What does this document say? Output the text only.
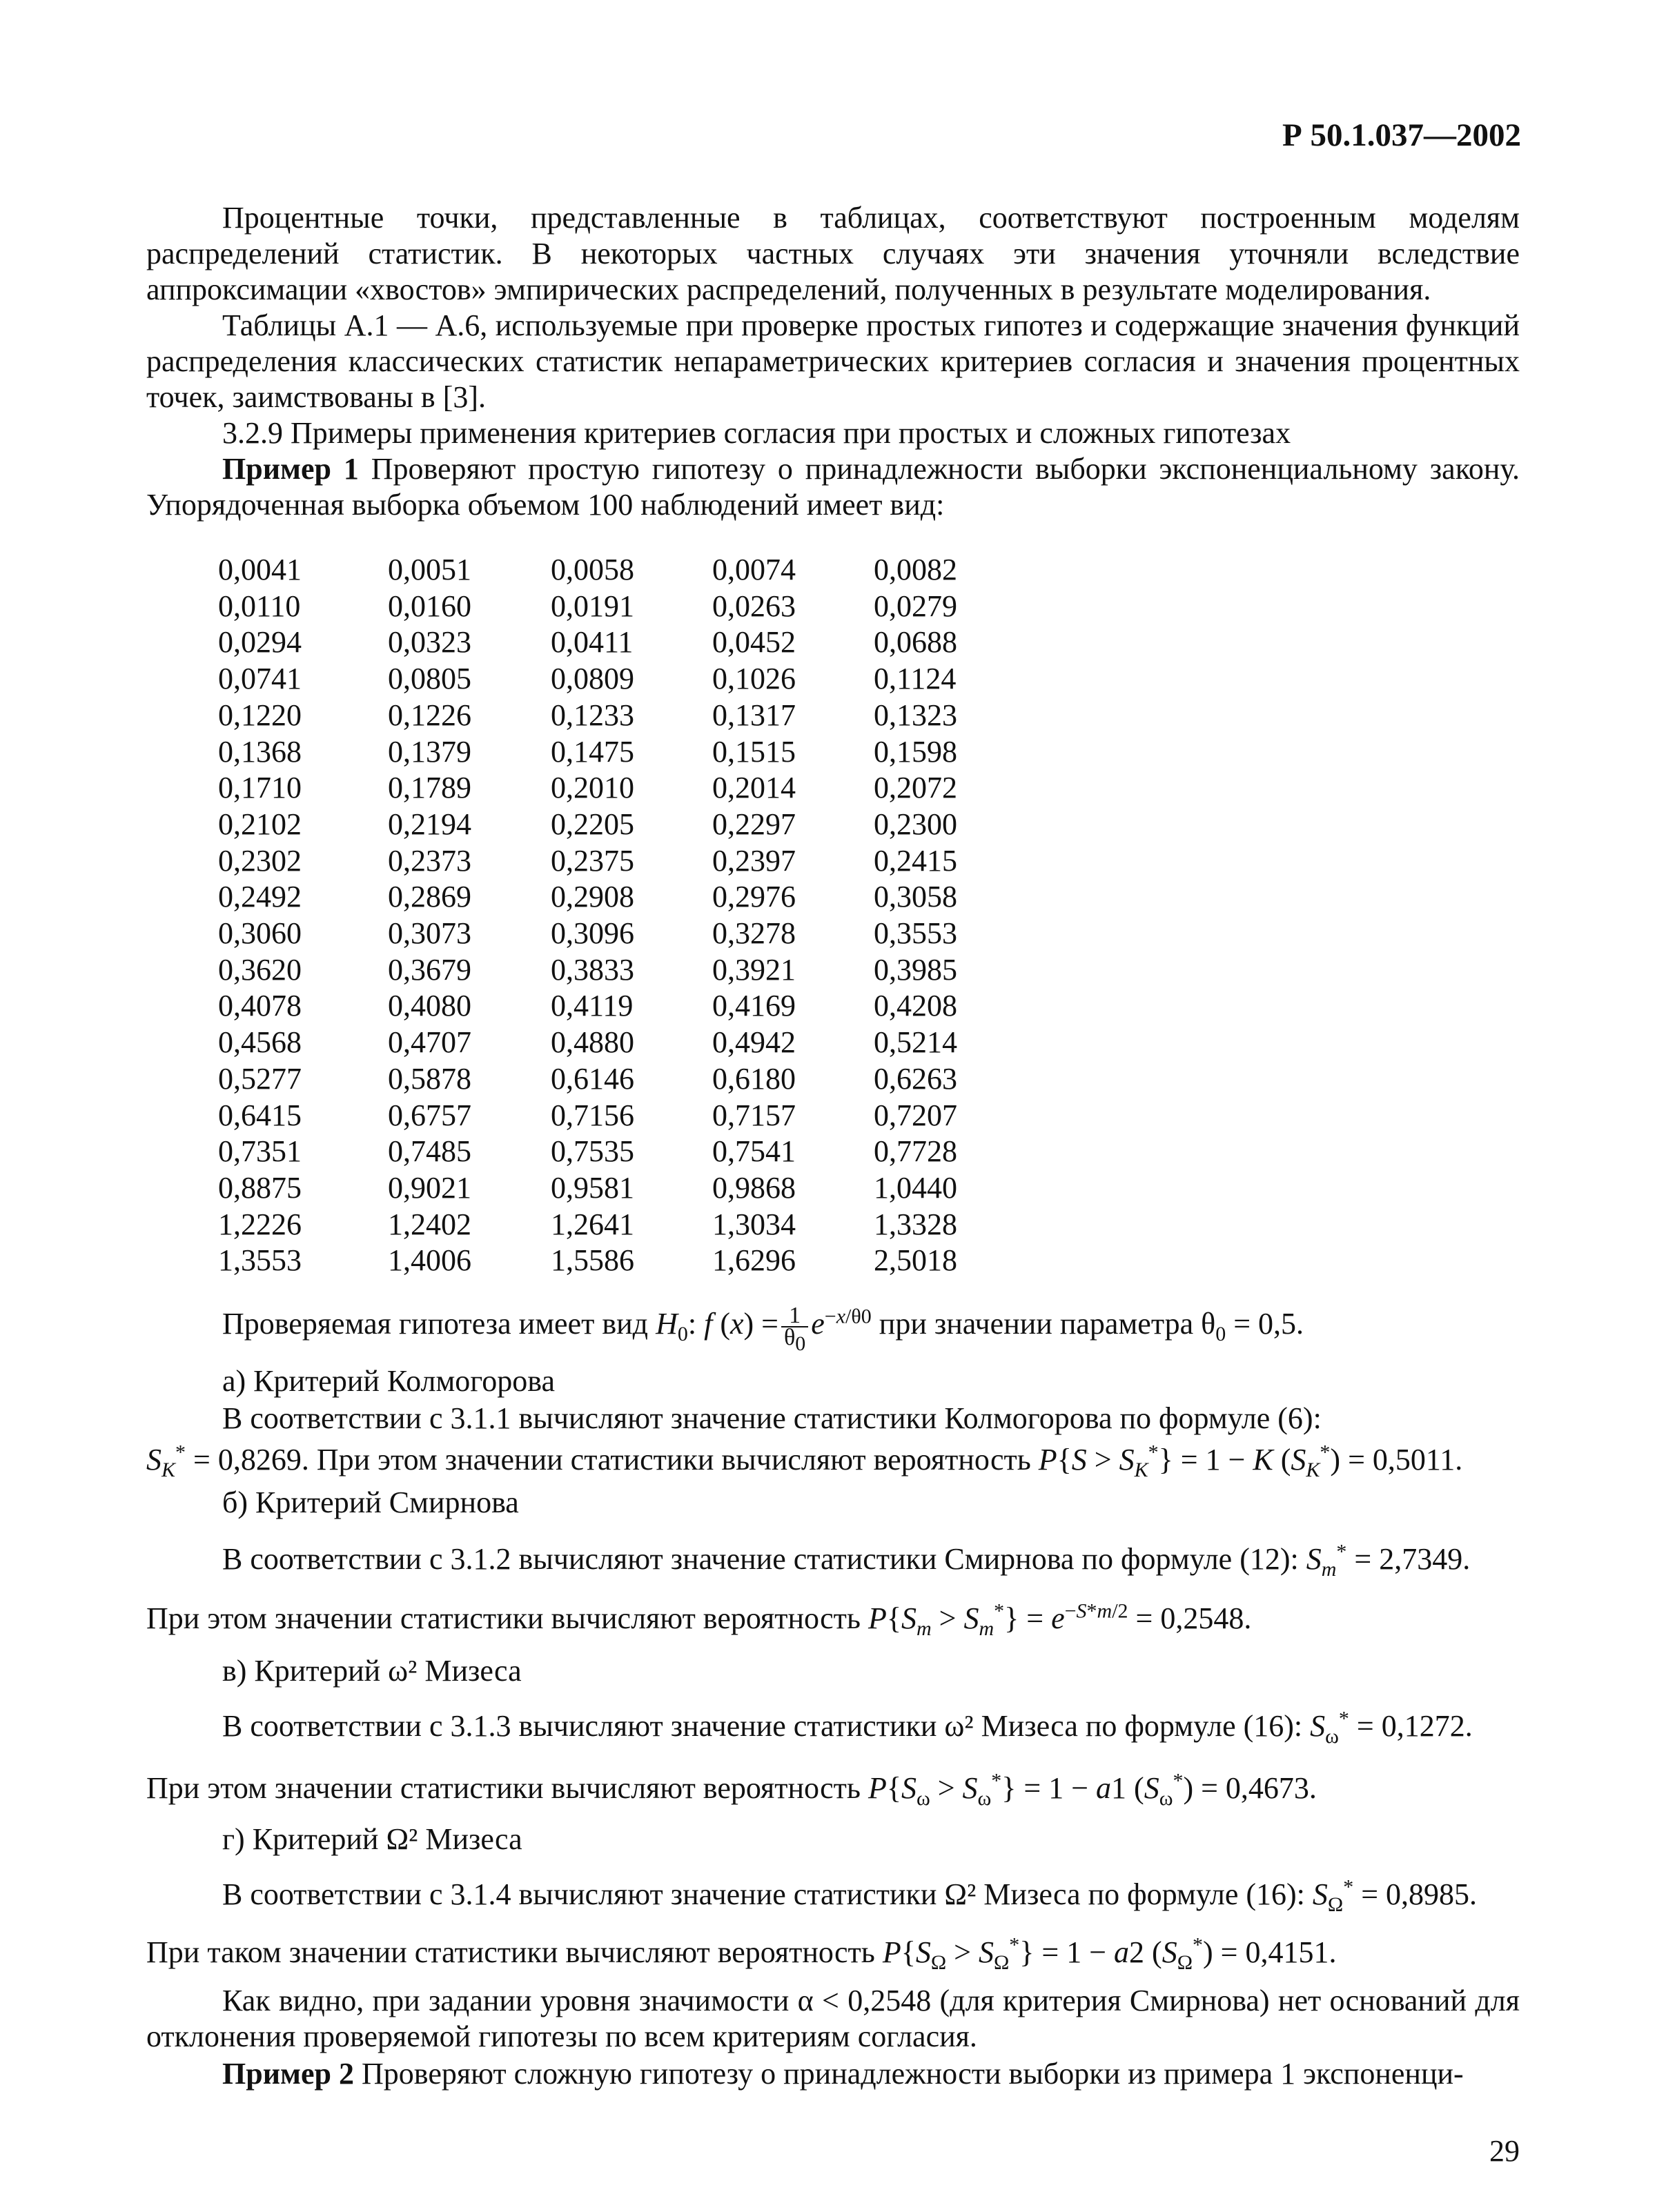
Р 50.1.037—2002

Процентные точки, представленные в таблицах, соответствуют построенным моделям распределений статистик. В некоторых частных случаях эти значения уточняли вследствие аппроксимации «хвостов» эмпирических распределений, полученных в результате моделирования.

Таблицы А.1 — А.6, используемые при проверке простых гипотез и содержащие значения функций распределения классических статистик непараметрических критериев согласия и значения процентных точек, заимствованы в [3].

3.2.9 Примеры применения критериев согласия при простых и сложных гипотезах

Пример 1 Проверяют простую гипотезу о принадлежности выборки экспоненциальному закону. Упорядоченная выборка объемом 100 наблюдений имеет вид:

0,0041	0,0051	0,0058	0,0074	0,0082
0,0110	0,0160	0,0191	0,0263	0,0279
0,0294	0,0323	0,0411	0,0452	0,0688
0,0741	0,0805	0,0809	0,1026	0,1124
0,1220	0,1226	0,1233	0,1317	0,1323
0,1368	0,1379	0,1475	0,1515	0,1598
0,1710	0,1789	0,2010	0,2014	0,2072
0,2102	0,2194	0,2205	0,2297	0,2300
0,2302	0,2373	0,2375	0,2397	0,2415
0,2492	0,2869	0,2908	0,2976	0,3058
0,3060	0,3073	0,3096	0,3278	0,3553
0,3620	0,3679	0,3833	0,3921	0,3985
0,4078	0,4080	0,4119	0,4169	0,4208
0,4568	0,4707	0,4880	0,4942	0,5214
0,5277	0,5878	0,6146	0,6180	0,6263
0,6415	0,6757	0,7156	0,7157	0,7207
0,7351	0,7485	0,7535	0,7541	0,7728
0,8875	0,9021	0,9581	0,9868	1,0440
1,2226	1,2402	1,2641	1,3034	1,3328
1,3553	1,4006	1,5586	1,6296	2,5018
Проверяемая гипотеза имеет вид $H_0$: f $(x) = \frac{1}{\theta_0} e^{-x/\theta 0}$ при значении параметра $\theta_0 = 0,5$.

а) Критерий Колмогорова

В соответствии с 3.1.1 вычисляют значение статистики Колмогорова по формуле (6):

$S_K^* = 0,8269$. При этом значении статистики вычисляют вероятность $P\{S > S_K^*\} = 1 - K$ $(S_K^*) = 0,5011$.

б) Критерий Смирнова

В соответствии с 3.1.2 вычисляют значение статистики Смирнова по формуле (12): $S_m^* = 2,7349$.
При этом значении статистики вычисляют вероятность $P\{S_m > S_m^*\} = e^{-S*m/2} = 0,2548$.

в) Критерий ω² Мизеса

В соответствии с 3.1.3 вычисляют значение статистики ω² Мизеса по формуле (16): $S_\omega^* = 0,1272$.
При этом значении статистики вычисляют вероятность $P\{S_\omega > S_\omega^*\} = 1 - a1$ $(S_\omega^*) = 0,4673$.

г) Критерий Ω² Мизеса

В соответствии с 3.1.4 вычисляют значение статистики Ω² Мизеса по формуле (16): $S_\Omega^* = 0,8985$.
При таком значении статистики вычисляют вероятность $P\{S_\Omega > S_\Omega^*\} = 1 - a2$ $(S_\Omega^*) = 0,4151$.

Как видно, при задании уровня значимости α < 0,2548 (для критерия Смирнова) нет оснований для отклонения проверяемой гипотезы по всем критериям согласия.

Пример 2 Проверяют сложную гипотезу о принадлежности выборки из примера 1 экспоненци-

29
